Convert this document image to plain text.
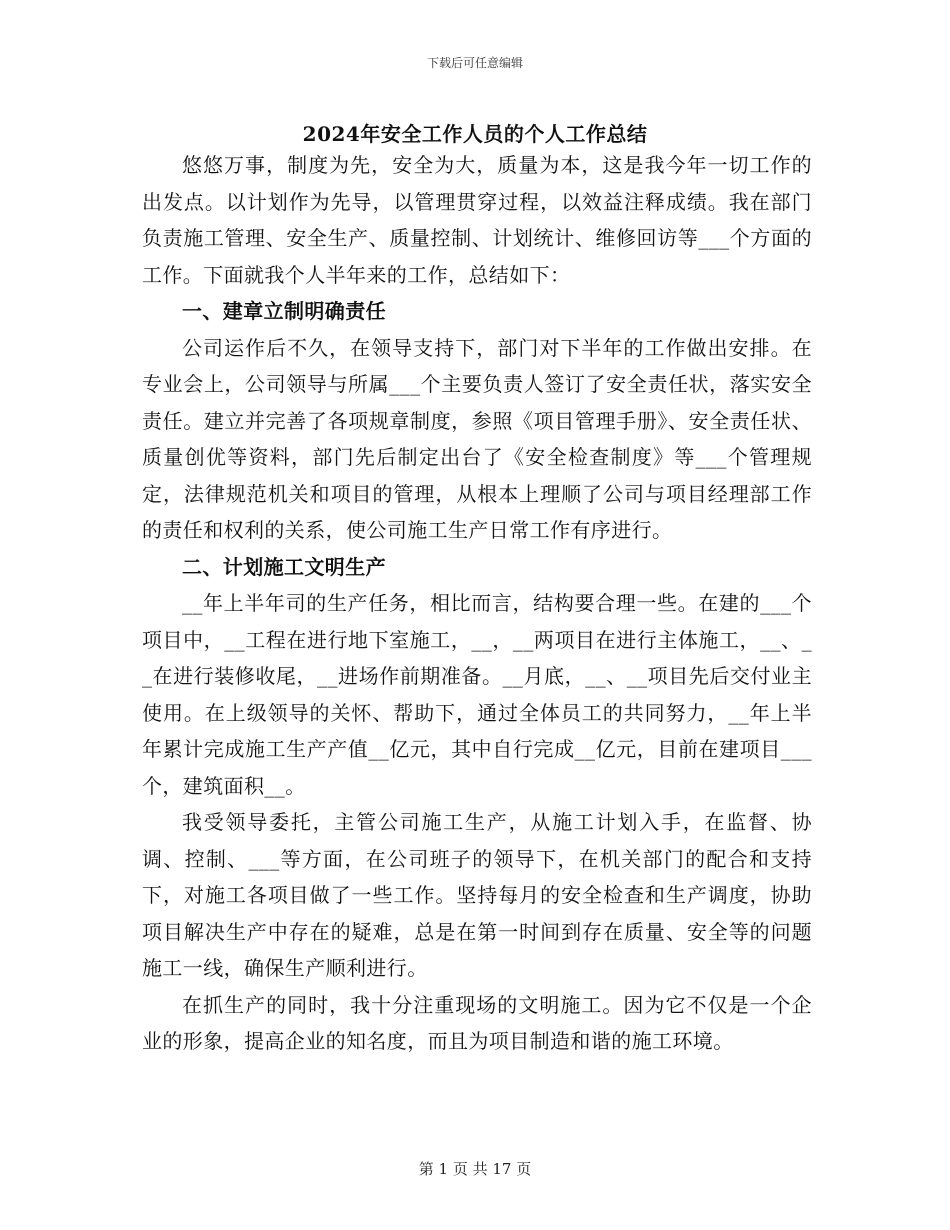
下载后可任意编辑
2024年安全工作人员的个人工作总结

悠悠万事，制度为先，安全为大，质量为本，这是我今年一切工作的出发点。以计划作为先导，以管理贯穿过程，以效益注释成绩。我在部门负责施工管理、安全生产、质量控制、计划统计、维修回访等___个方面的工作。下面就我个人半年来的工作，总结如下：

一、建章立制明确责任

公司运作后不久，在领导支持下，部门对下半年的工作做出安排。在专业会上，公司领导与所属___个主要负责人签订了安全责任状，落实安全责任。建立并完善了各项规章制度，参照《项目管理手册》、安全责任状、质量创优等资料，部门先后制定出台了《安全检查制度》等___个管理规定，法律规范机关和项目的管理，从根本上理顺了公司与项目经理部工作的责任和权利的关系，使公司施工生产日常工作有序进行。

二、计划施工文明生产

__年上半年司的生产任务，相比而言，结构要合理一些。在建的___个项目中，__工程在进行地下室施工，__，__两项目在进行主体施工，__、__在进行装修收尾，__进场作前期准备。__月底，__、__项目先后交付业主使用。在上级领导的关怀、帮助下，通过全体员工的共同努力，__年上半年累计完成施工生产产值__亿元，其中自行完成__亿元，目前在建项目___个，建筑面积__。

我受领导委托，主管公司施工生产，从施工计划入手，在监督、协调、控制、___等方面，在公司班子的领导下，在机关部门的配合和支持下，对施工各项目做了一些工作。坚持每月的安全检查和生产调度，协助项目解决生产中存在的疑难，总是在第一时间到存在质量、安全等的问题施工一线，确保生产顺利进行。

在抓生产的同时，我十分注重现场的文明施工。因为它不仅是一个企业的形象，提高企业的知名度，而且为项目制造和谐的施工环境。

第 1 页 共 17 页
